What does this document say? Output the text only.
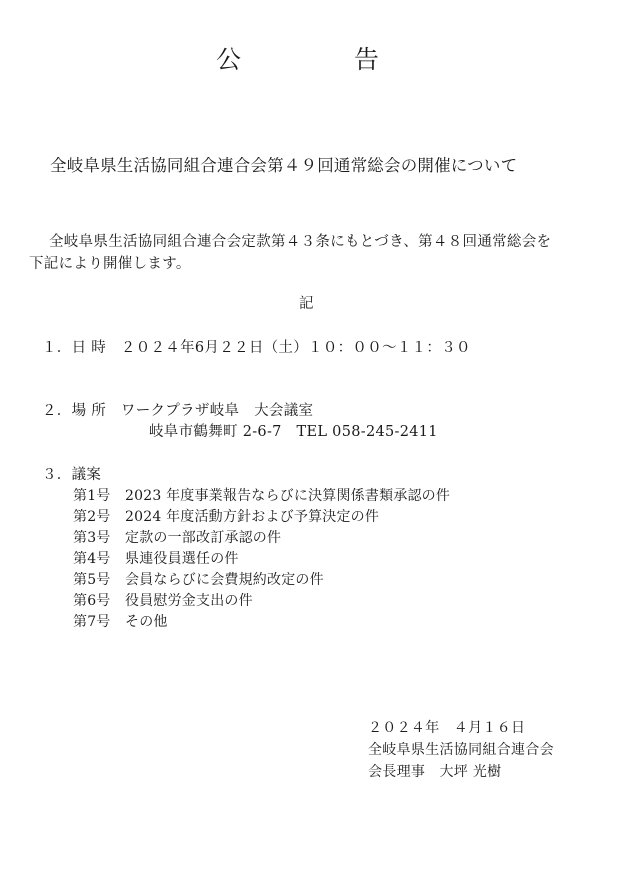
公	告
全岐阜県生活協同組合連合会第４９回通常総会の開催について
全岐阜県生活協同組合連合会定款第４３条にもとづき、第４８回通常総会を
下記により開催します。
記
１．日 時　２０２４年6月２２日（土）１０：００～１１：３０
２．場 所　ワークプラザ岐阜　大会議室
岐阜市鶴舞町 2-6-7　TEL 058-245-2411
３．議案
第1号 2023 年度事業報告ならびに決算関係書類承認の件
第2号 2024 年度活動方針および予算決定の件
第3号 定款の一部改訂承認の件
第4号 県連役員選任の件
第5号 会員ならびに会費規約改定の件
第6号 役員慰労金支出の件
第7号 その他
２０２４年　４月１６日
全岐阜県生活協同組合連合会
会長理事　大坪 光樹
